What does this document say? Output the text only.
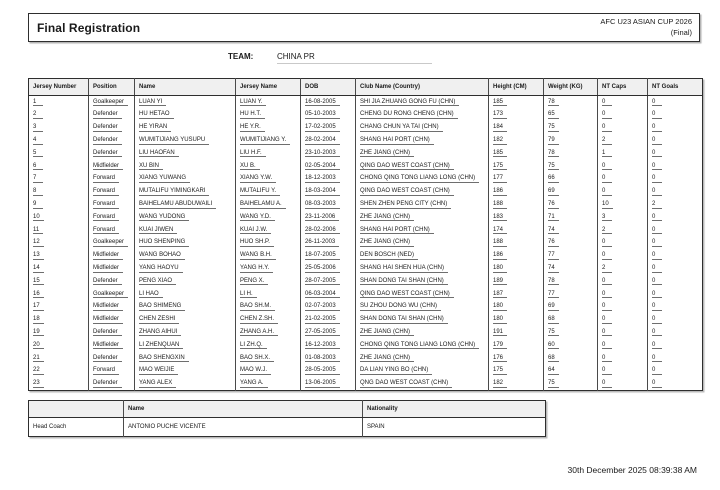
Final Registration	AFC U23 ASIAN CUP 2026
(Final)
TEAM:	CHINA PR
Jersey Number	Position	Name	Jersey Name	DOB	Club Name (Country)	Height (CM)	Weight (KG)	NT Caps	NT Goals
1	Goalkeeper	LUAN YI	LUAN Y.	16-08-2005	SHI JIA ZHUANG GONG FU (CHN)	185	78	0	0
2	Defender	HU HETAO	HU H.T.	05-10-2003	CHENG DU RONG CHENG (CHN)	173	65	0	0
3	Defender	HE YIRAN	HE Y.R.	17-02-2005	CHANG CHUN YA TAI (CHN)	184	75	0	0
4	Defender	WUMITIJIANG YUSUPU	WUMITIJIANG Y.	28-02-2004	SHANG HAI PORT (CHN)	182	79	2	0
5	Defender	LIU HAOFAN	LIU H.F.	23-10-2003	ZHE JIANG (CHN)	185	78	1	0
6	Midfielder	XU BIN	XU B.	02-05-2004	QING DAO WEST COAST (CHN)	175	75	0	0
7	Forward	XIANG YUWANG	XIANG Y.W.	18-12-2003	CHONG QING TONG LIANG LONG (CHN)	177	66	0	0
8	Forward	MUTALIFU YIMINGKARI	MUTALIFU Y.	18-03-2004	QING DAO WEST COAST (CHN)	186	69	0	0
9	Forward	BAIHELAMU ABUDUWAILI	BAIHELAMU A.	08-03-2003	SHEN ZHEN PENG CITY (CHN)	188	76	10	2
10	Forward	WANG YUDONG	WANG Y.D.	23-11-2006	ZHE JIANG (CHN)	183	71	3	0
11	Forward	KUAI JIWEN	KUAI J.W.	28-02-2006	SHANG HAI PORT (CHN)	174	74	2	0
12	Goalkeeper	HUO SHENPING	HUO SH.P.	26-11-2003	ZHE JIANG (CHN)	188	76	0	0
13	Midfielder	WANG BOHAO	WANG B.H.	18-07-2005	DEN BOSCH (NED)	186	77	0	0
14	Midfielder	YANG HAOYU	YANG H.Y.	25-05-2006	SHANG HAI SHEN HUA (CHN)	180	74	2	0
15	Defender	PENG XIAO	PENG X.	28-07-2005	SHAN DONG TAI SHAN (CHN)	189	78	0	0
16	Goalkeeper	LI HAO	LI H.	06-03-2004	QING DAO WEST COAST (CHN)	187	77	0	0
17	Midfielder	BAO SHIMENG	BAO SH.M.	02-07-2003	SU ZHOU DONG WU (CHN)	180	69	0	0
18	Midfielder	CHEN ZESHI	CHEN Z.SH.	21-02-2005	SHAN DONG TAI SHAN (CHN)	180	68	0	0
19	Defender	ZHANG AIHUI	ZHANG A.H.	27-05-2005	ZHE JIANG (CHN)	191	75	0	0
20	Midfielder	LI ZHENQUAN	LI ZH.Q.	16-12-2003	CHONG QING TONG LIANG LONG (CHN)	179	60	0	0
21	Defender	BAO SHENGXIN	BAO SH.X.	01-08-2003	ZHE JIANG (CHN)	176	68	0	0
22	Forward	MAO WEIJIE	MAO W.J.	28-05-2005	DA LIAN YING BO (CHN)	175	64	0	0
23	Defender	YANG ALEX	YANG A.	13-06-2005	QNG DAO WEST COAST (CHN)	182	75	0	0
	Name	Nationality
Head Coach	ANTONIO PUCHE VICENTE	SPAIN
30th December 2025 08:39:38 AM
